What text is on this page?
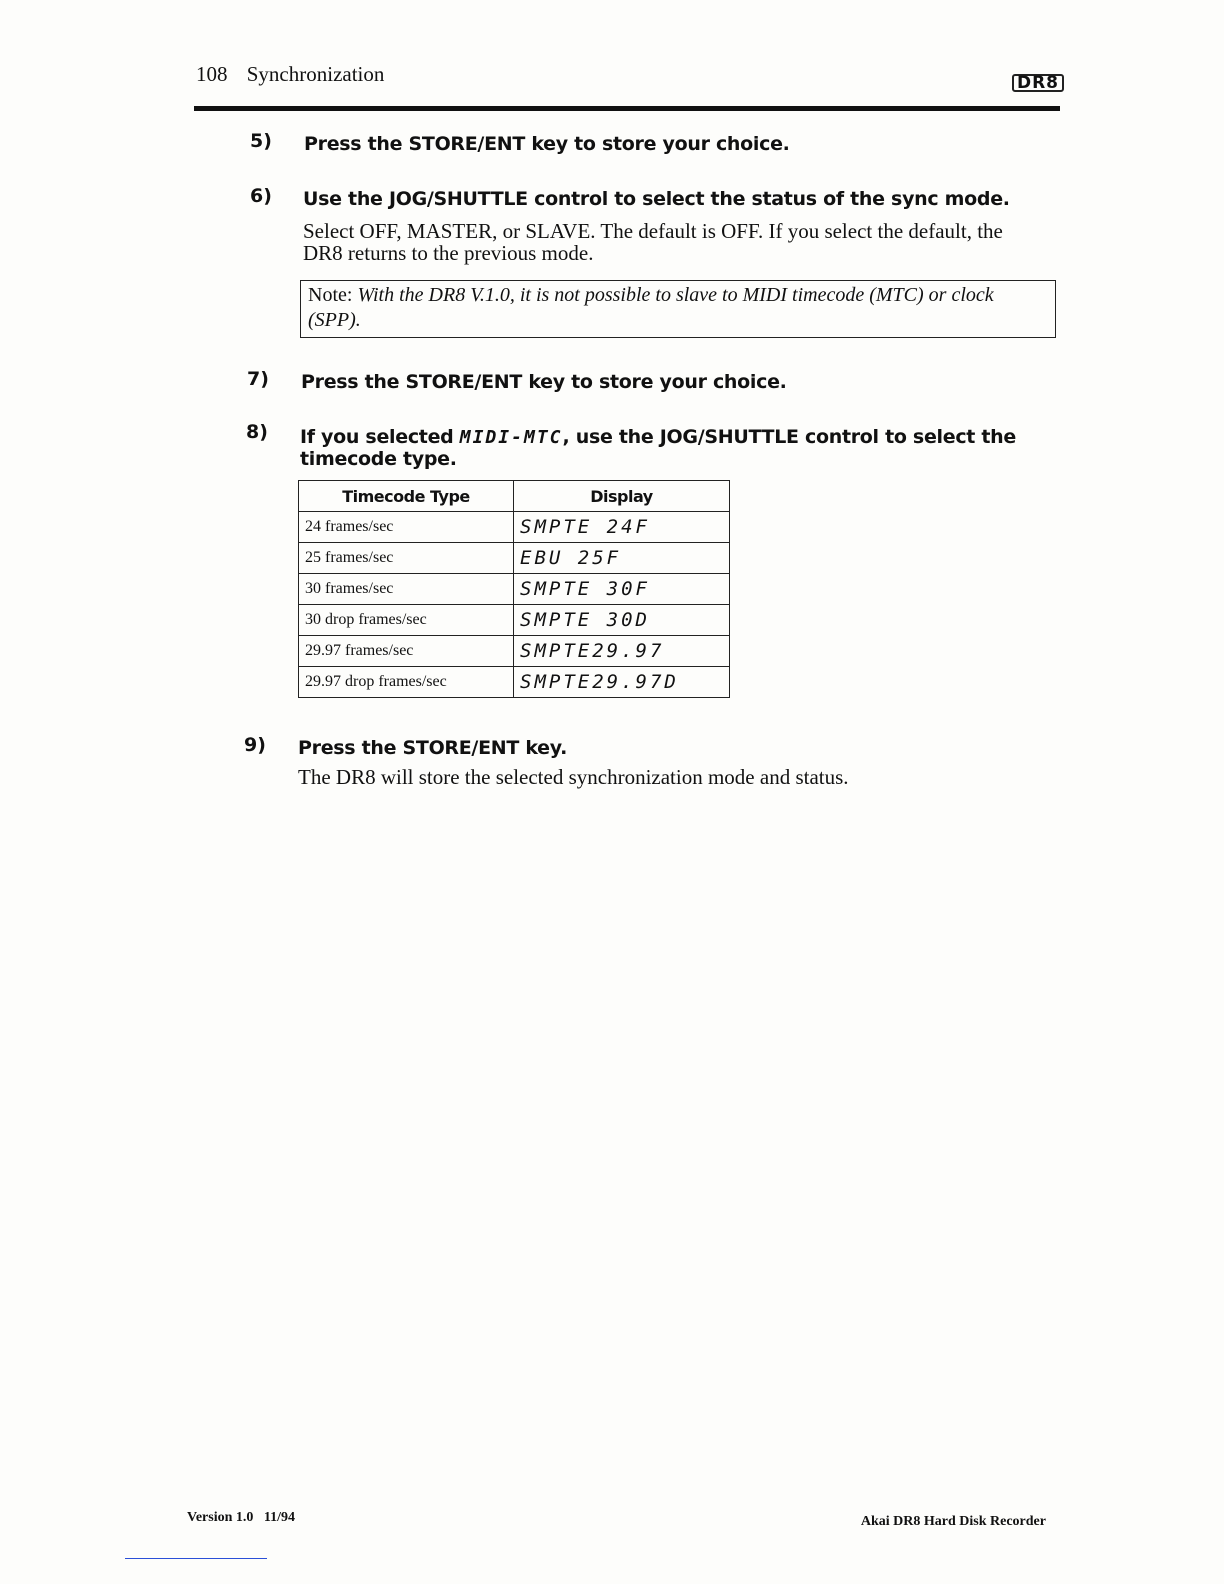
108 Synchronization	DR8
5) Press the STORE/ENT key to store your choice.
6) Use the JOG/SHUTTLE control to select the status of the sync mode.
Select OFF, MASTER, or SLAVE. The default is OFF. If you select the default, the
DR8 returns to the previous mode.
Note: With the DR8 V.1.0, it is not possible to slave to MIDI timecode (MTC) or clock
(SPP).
7) Press the STORE/ENT key to store your choice.
8) If you selected MIDI-MTC, use the JOG/SHUTTLE control to select the
timecode type.
Timecode Type	Display
24 frames/sec	SMPTE 24F
25 frames/sec	EBU 25F
30 frames/sec	SMPTE 30F
30 drop frames/sec	SMPTE 30D
29.97 frames/sec	SMPTE29.97
29.97 drop frames/sec	SMPTE29.97D
9) Press the STORE/ENT key.
The DR8 will store the selected synchronization mode and status.
Version 1.0   11/94	Akai DR8 Hard Disk Recorder
